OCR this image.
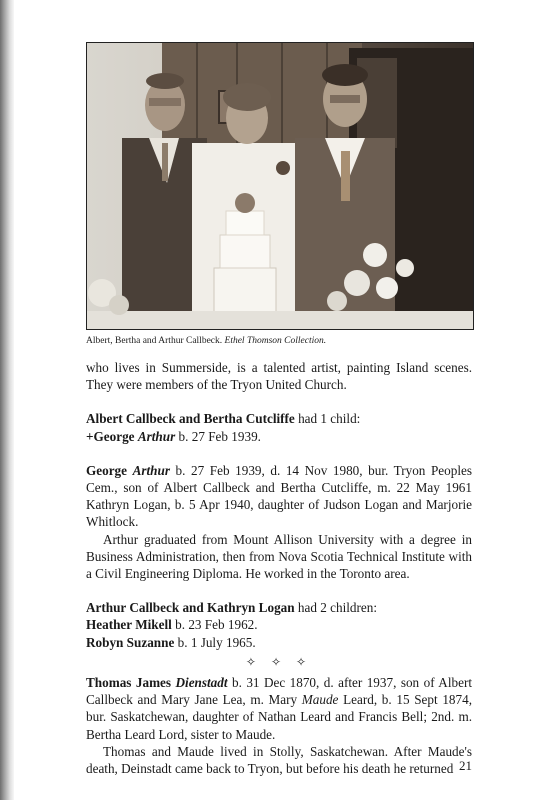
Albert, Bertha and Arthur Callbeck. Ethel Thomson Collection.

who lives in Summerside, is a talented artist, painting Island scenes. They were members of the Tryon United Church.

Albert Callbeck and Bertha Cutcliffe had 1 child:

+George Arthur b. 27 Feb 1939.

George Arthur b. 27 Feb 1939, d. 14 Nov 1980, bur. Tryon Peoples Cem., son of Albert Callbeck and Bertha Cutcliffe, m. 22 May 1961 Kathryn Logan, b. 5 Apr 1940, daughter of Judson Logan and Marjorie Whitlock.

Arthur graduated from Mount Allison University with a degree in Business Administration, then from Nova Scotia Technical Institute with a Civil Engineering Diploma. He worked in the Toronto area.

Arthur Callbeck and Kathryn Logan had 2 children:

Heather Mikell b. 23 Feb 1962.

Robyn Suzanne b. 1 July 1965.

✧ ✧ ✧

Thomas James Dienstadt b. 31 Dec 1870, d. after 1937, son of Albert Callbeck and Mary Jane Lea, m. Mary Maude Leard, b. 15 Sept 1874, bur. Saskatchewan, daughter of Nathan Leard and Francis Bell; 2nd. m. Bertha Leard Lord, sister to Maude.

Thomas and Maude lived in Stolly, Saskatchewan. After Maude's death, Deinstadt came back to Tryon, but before his death he returned 21
